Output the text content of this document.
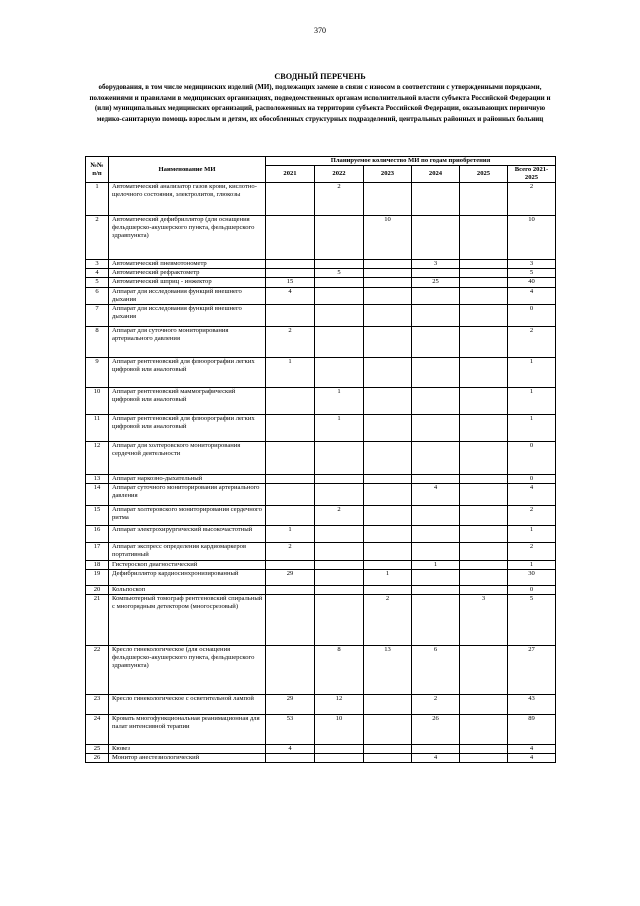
370
СВОДНЫЙ ПЕРЕЧЕНЬ
оборудования, в том числе медицинских изделий (МИ), подлежащих замене в связи с износом в соответствии с утвержденными порядками, положениями и правилами в медицинских организациях, подведомственных органам исполнительной власти субъекта Российской Федерации и (или) муниципальных медицинских организаций, расположенных на территории субъекта Российской Федерации, оказывающих первичную медико-санитарную помощь взрослым и детям, их обособленных структурных подразделений, центральных районных и районных больниц
№№
п/п	Наименование МИ	Планируемое количество МИ по годам приобретения					
		2021	2022	2023	2024	2025	Всего 2021-2025
1	Автоматический анализатор газов крови, кислотно-щелочного состояния, электролитов, глюкозы		2				2
2	Автоматический дефибриллятор (для оснащения фельдшерско-акушерского пункта, фельдшерского здравпункта)			10			10
3	Автоматический пневмотонометр				3		3
4	Автоматический рефрактометр		5				5
5	Автоматический шприц - инжектор	15			25		40
6	Аппарат для исследования функций внешнего дыхания	4					4
7	Аппарат для исследования функций внешнего дыхания						0
8	Аппарат для суточного мониторирования артериального давления	2					2
9	Аппарат рентгеновский для флюорографии легких цифровой или аналоговый	1					1
10	Аппарат рентгеновский маммографический цифровой или аналоговый		1				1
11	Аппарат рентгеновский для флюорографии легких цифровой или аналоговый		1				1
12	Аппарат для холтеровского мониторирования сердечной деятельности						0
13	Аппарат наркозно-дыхательный						0
14	Аппарат суточного мониторирования артериального давления				4		4
15	Аппарат холтеровского мониторирования сердечного ритма		2				2
16	Аппарат электрохирургический высокочастотный	1					1
17	Аппарат экспресс определения кардиомаркеров портативный	2					2
18	Гистероскоп диагностический				1		1
19	Дефибриллятор кардиосинхронизированный	29		1			30
20	Кольпоскоп						0
21	Компьютерный томограф рентгеновский спиральный с многорядным детектором (многосрезовый)			2		3	5
22	Кресло гинекологическое (для оснащения фельдшерско-акушерского пункта, фельдшерского здравпункта)		8	13	6		27
23	Кресло гинекологическое с осветительной лампой	29	12		2		43
24	Кровать многофункциональная реанимационная для палат интенсивной терапии	53	10		26		89
25	Кювез	4					4
26	Монитор анестезиологический				4		4
